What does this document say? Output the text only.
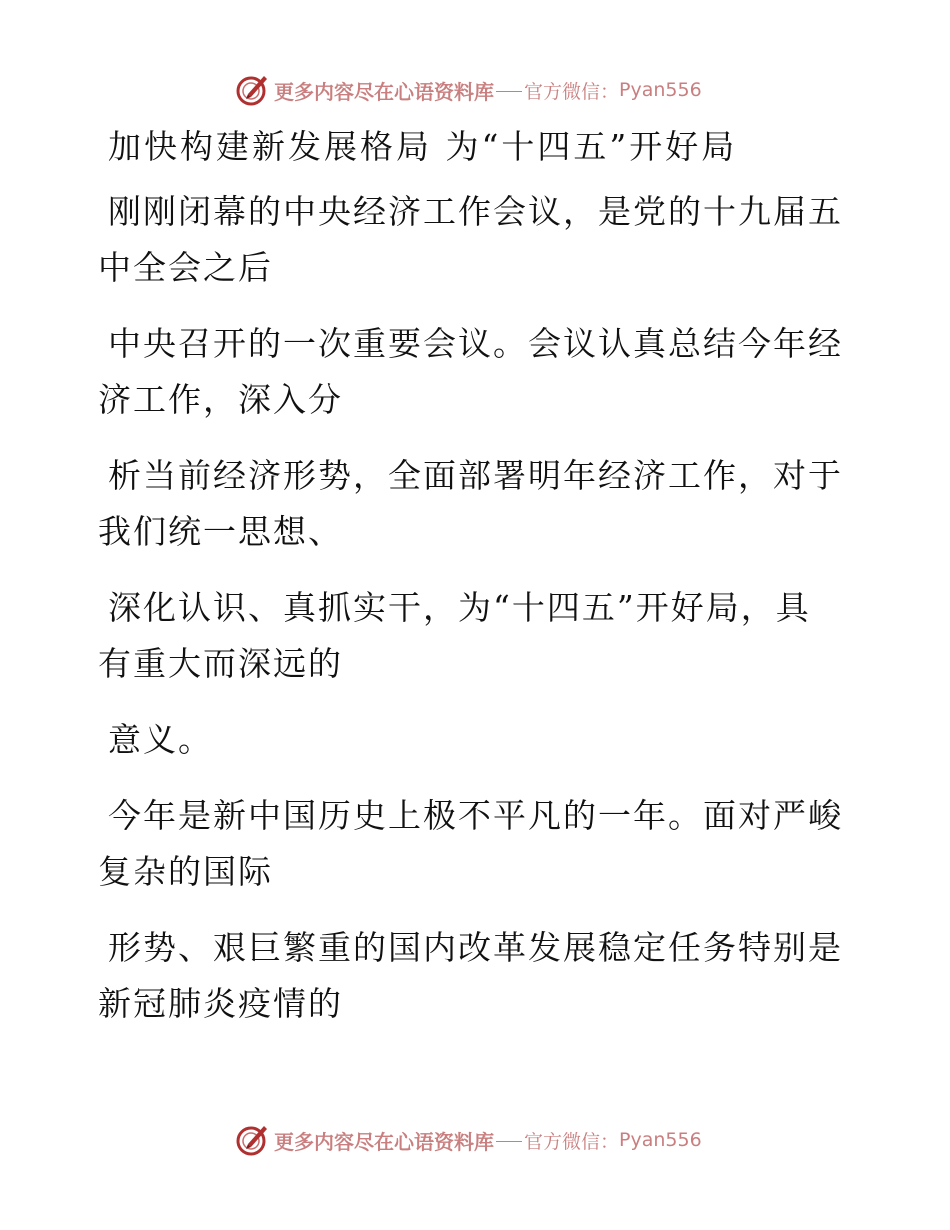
更多内容尽在心语资料库 官方微信： Pyan556
加快构建新发展格局 为“十四五”开好局
刚刚闭幕的中央经济工作会议，是党的十九届五
中全会之后
中央召开的一次重要会议。会议认真总结今年经
济工作，深入分
析当前经济形势，全面部署明年经济工作，对于
我们统一思想、
深化认识、真抓实干，为“十四五”开好局，具
有重大而深远的
意义。
今年是新中国历史上极不平凡的一年。面对严峻
复杂的国际
形势、艰巨繁重的国内改革发展稳定任务特别是
新冠肺炎疫情的
更多内容尽在心语资料库 官方微信： Pyan556
